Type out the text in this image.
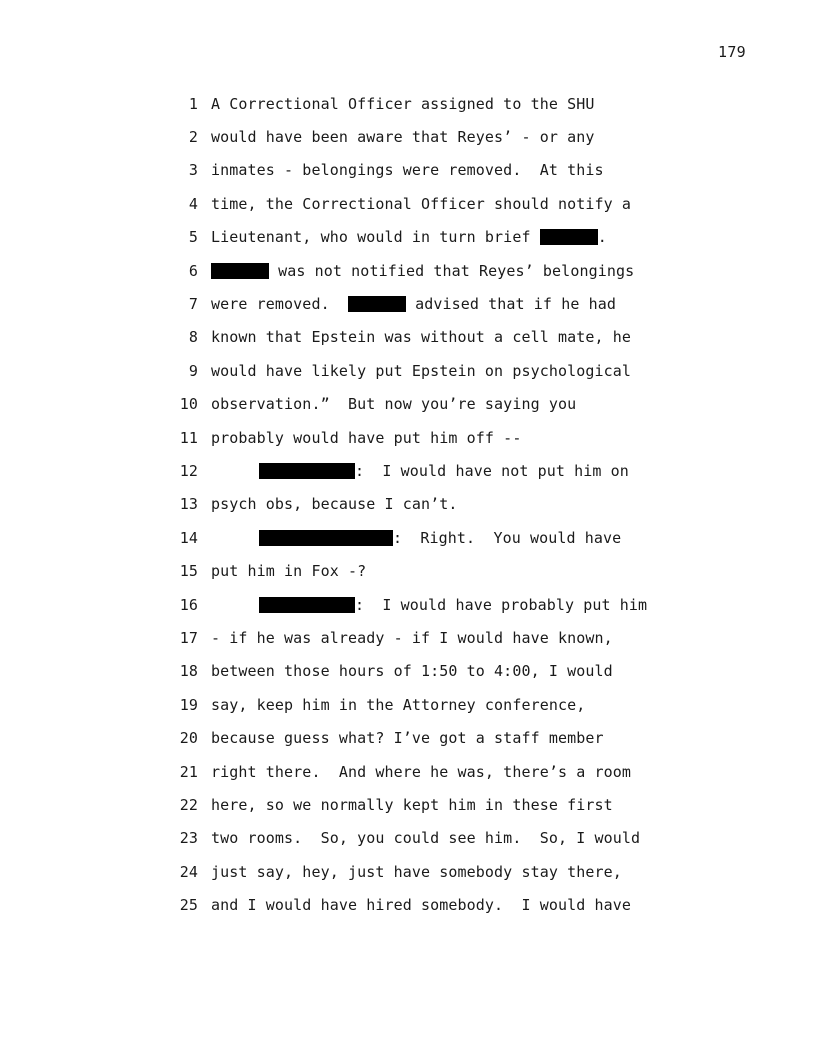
179
1 A Correctional Officer assigned to the SHU
2 would have been aware that Reyes’ - or any
3 inmates - belongings were removed.  At this
4 time, the Correctional Officer should notify a
5 Lieutenant, who would in turn brief	.
6	was not notified that Reyes’ belongings
7 were removed.	advised that if he had
8 known that Epstein was without a cell mate, he
9 would have likely put Epstein on psychological
10 observation.”  But now you’re saying you
11 probably would have put him off --
12	:  I would have not put him on
13 psych obs, because I can’t.
14	:  Right.  You would have
15 put him in Fox -?
16	:  I would have probably put him
17 - if he was already - if I would have known,
18 between those hours of 1:50 to 4:00, I would
19 say, keep him in the Attorney conference,
20 because guess what? I’ve got a staff member
21 right there.  And where he was, there’s a room
22 here, so we normally kept him in these first
23 two rooms.  So, you could see him.  So, I would
24 just say, hey, just have somebody stay there,
25 and I would have hired somebody.  I would have
